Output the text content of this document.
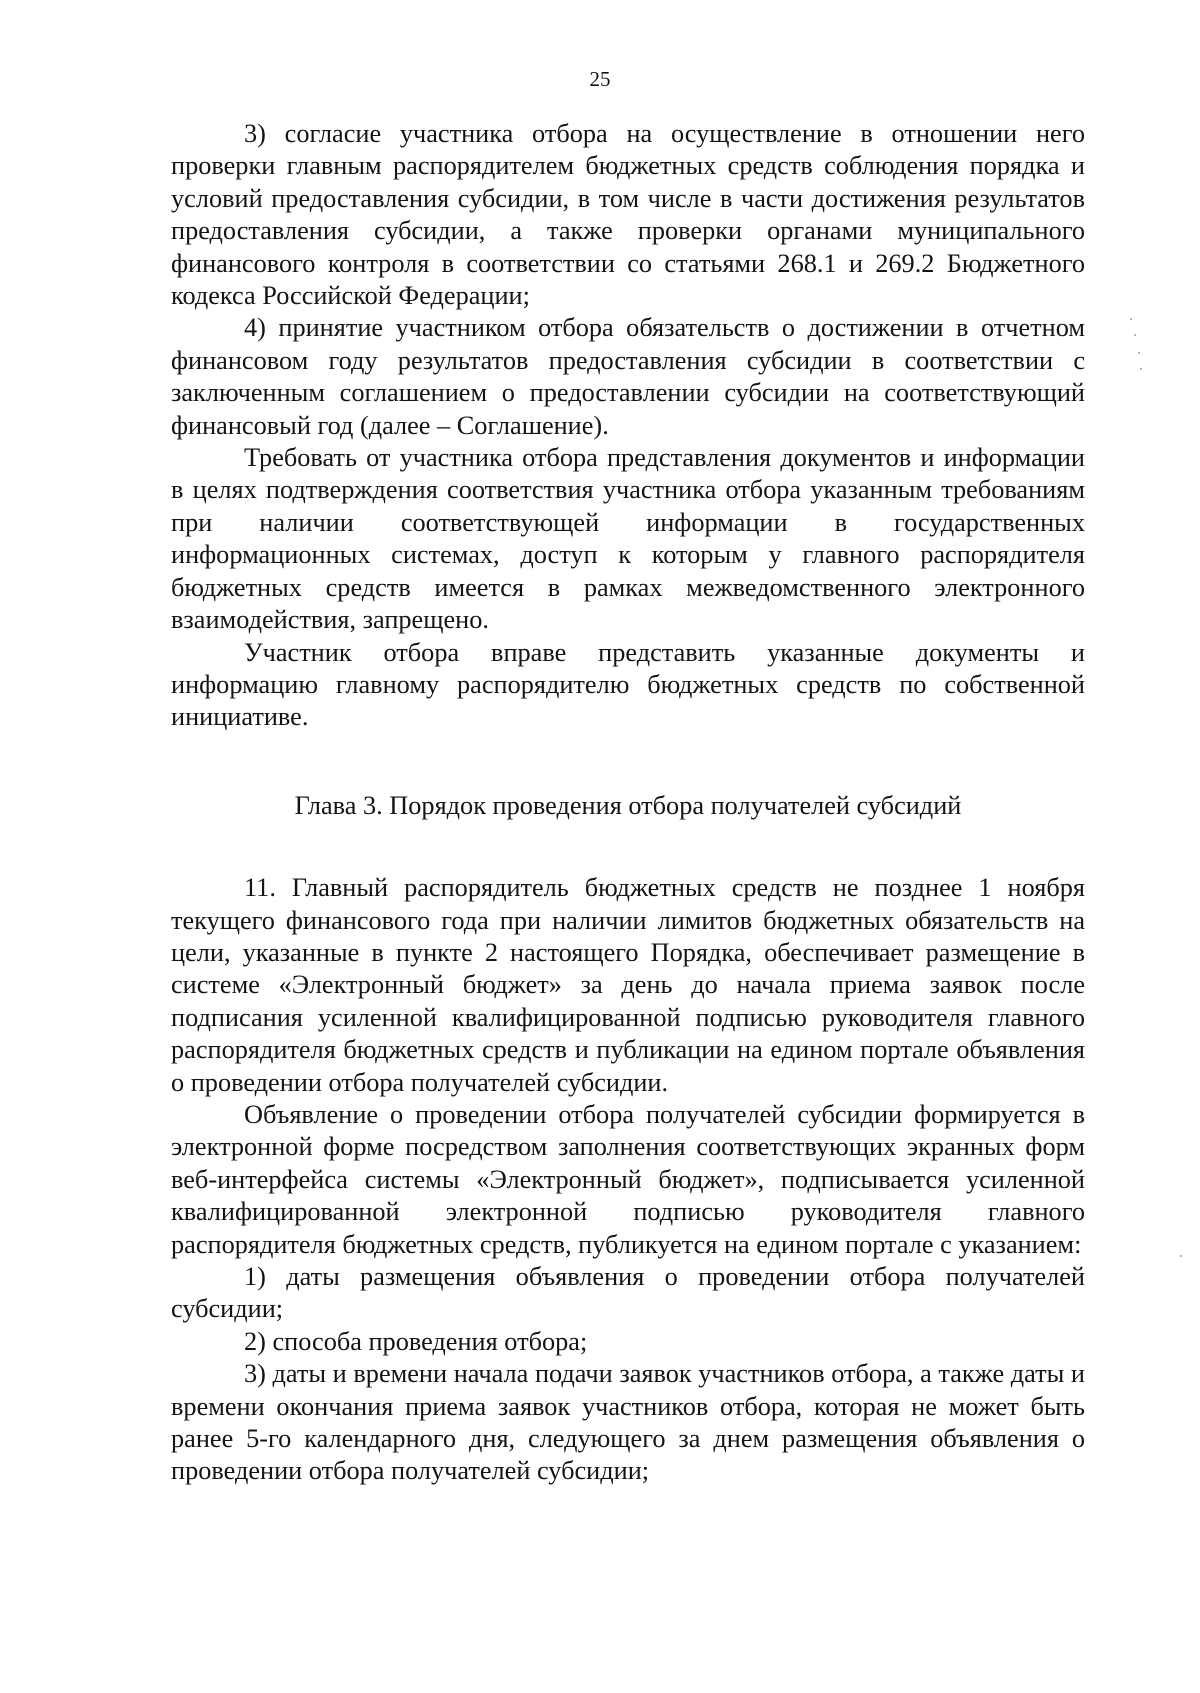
25

3) согласие участника отбора на осуществление в отношении него проверки главным распорядителем бюджетных средств соблюдения порядка и условий предоставления субсидии, в том числе в части достижения результатов предоставления субсидии, а также проверки органами муниципального финансового контроля в соответствии со статьями 268.1 и 269.2 Бюджетного кодекса Российской Федерации;

4) принятие участником отбора обязательств о достижении в отчетном финансовом году результатов предоставления субсидии в соответствии с заключенным соглашением о предоставлении субсидии на соответствующий финансовый год (далее – Соглашение).

Требовать от участника отбора представления документов и информации в целях подтверждения соответствия участника отбора указанным требованиям при наличии соответствующей информации в государственных информационных системах, доступ к которым у главного распорядителя бюджетных средств имеется в рамках межведомственного электронного взаимодействия, запрещено.

Участник отбора вправе представить указанные документы и информацию главному распорядителю бюджетных средств по собственной инициативе.

Глава 3. Порядок проведения отбора получателей субсидий

11. Главный распорядитель бюджетных средств не позднее 1 ноября текущего финансового года при наличии лимитов бюджетных обязательств на цели, указанные в пункте 2 настоящего Порядка, обеспечивает размещение в системе «Электронный бюджет» за день до начала приема заявок после подписания усиленной квалифицированной подписью руководителя главного распорядителя бюджетных средств и публикации на едином портале объявления о проведении отбора получателей субсидии.

Объявление о проведении отбора получателей субсидии формируется в электронной форме посредством заполнения соответствующих экранных форм веб-интерфейса системы «Электронный бюджет», подписывается усиленной квалифицированной электронной подписью руководителя главного распорядителя бюджетных средств, публикуется на едином портале с указанием:

1) даты размещения объявления о проведении отбора получателей субсидии;

2) способа проведения отбора;

3) даты и времени начала подачи заявок участников отбора, а также даты и времени окончания приема заявок участников отбора, которая не может быть ранее 5-го календарного дня, следующего за днем размещения объявления о проведении отбора получателей субсидии;
